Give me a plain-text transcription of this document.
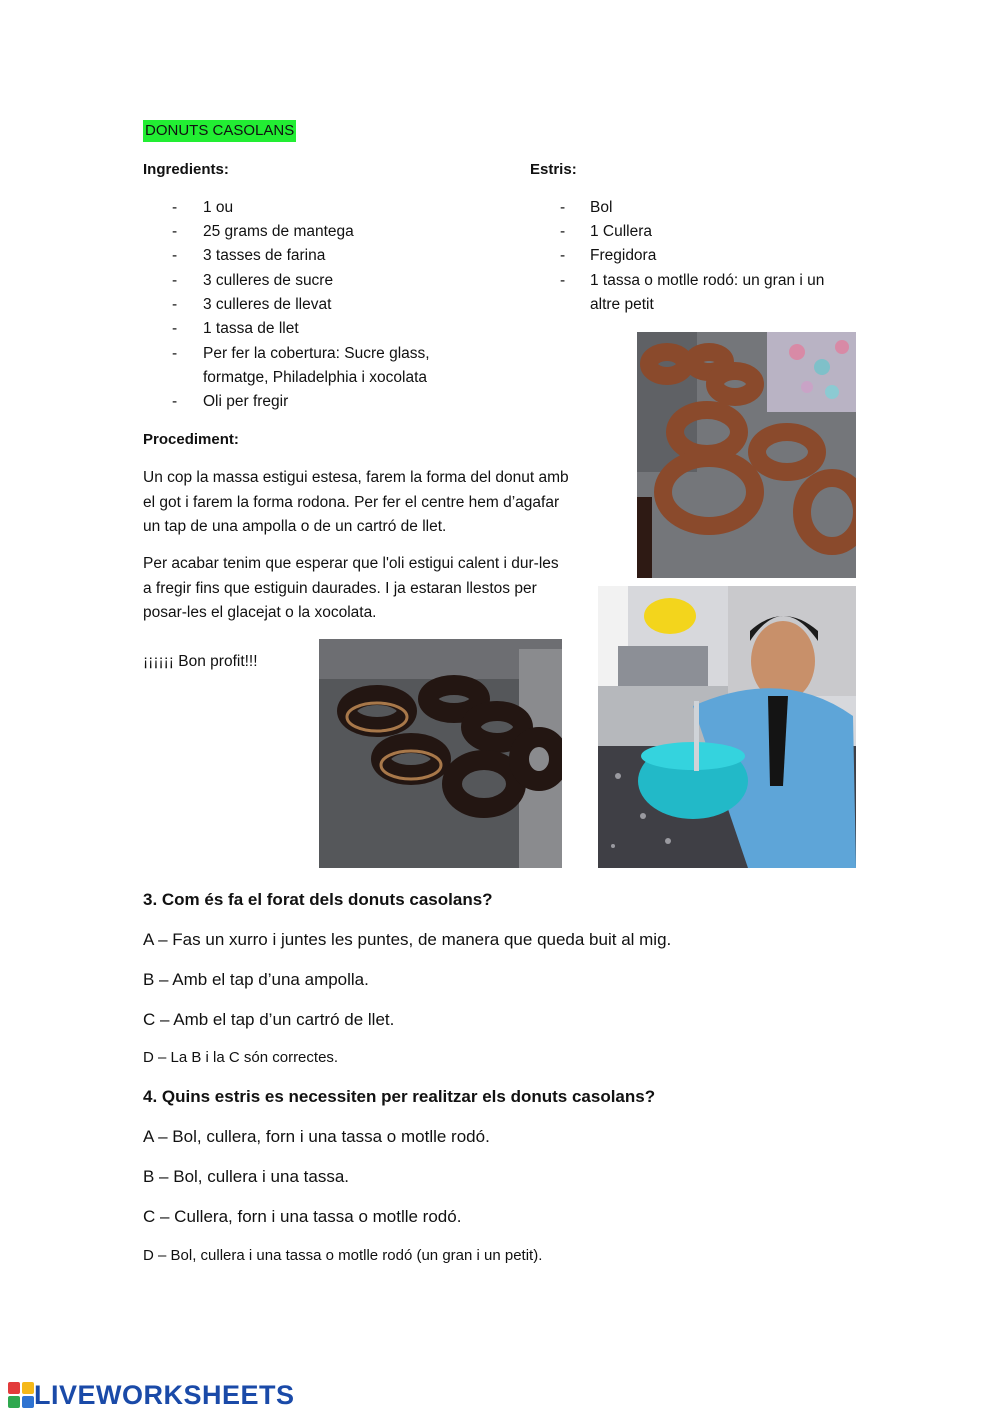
DONUTS CASOLANS
Ingredients:	Estris:
- 1 ou
- 25 grams de mantega
- 3 tasses de farina
- 3 culleres de sucre
- 3 culleres de llevat
- 1 tassa de llet
- Per fer la cobertura: Sucre glass,
formatge, Philadelphia i xocolata
- Oli per fregir
- Bol
- 1 Cullera
- Fregidora
- 1 tassa o motlle rodó: un gran i un
altre petit
Procediment:
Un cop la massa estigui estesa, farem la forma del donut amb
el got i farem la forma rodona. Per fer el centre hem d’agafar
un tap de una ampolla o de un cartró de llet.
Per acabar tenim que esperar que l'oli estigui calent i dur-les
a fregir fins que estiguin daurades. I ja estaran llestos per
posar-les el glacejat o la xocolata.
¡¡¡¡¡¡ Bon profit!!!
3. Com és fa el forat dels donuts casolans?
A – Fas un xurro i juntes les puntes, de manera que queda buit al mig.
B – Amb el tap d’una ampolla.
C – Amb el tap d’un cartró de llet.
D – La B i la C són correctes.
4. Quins estris es necessiten per realitzar els donuts casolans?
A – Bol, cullera, forn i una tassa o motlle rodó.
B – Bol, cullera i una tassa.
C – Cullera, forn i una tassa o motlle rodó.
D – Bol, cullera i una tassa o motlle rodó (un gran i un petit).
LIVEWORKSHEETS
